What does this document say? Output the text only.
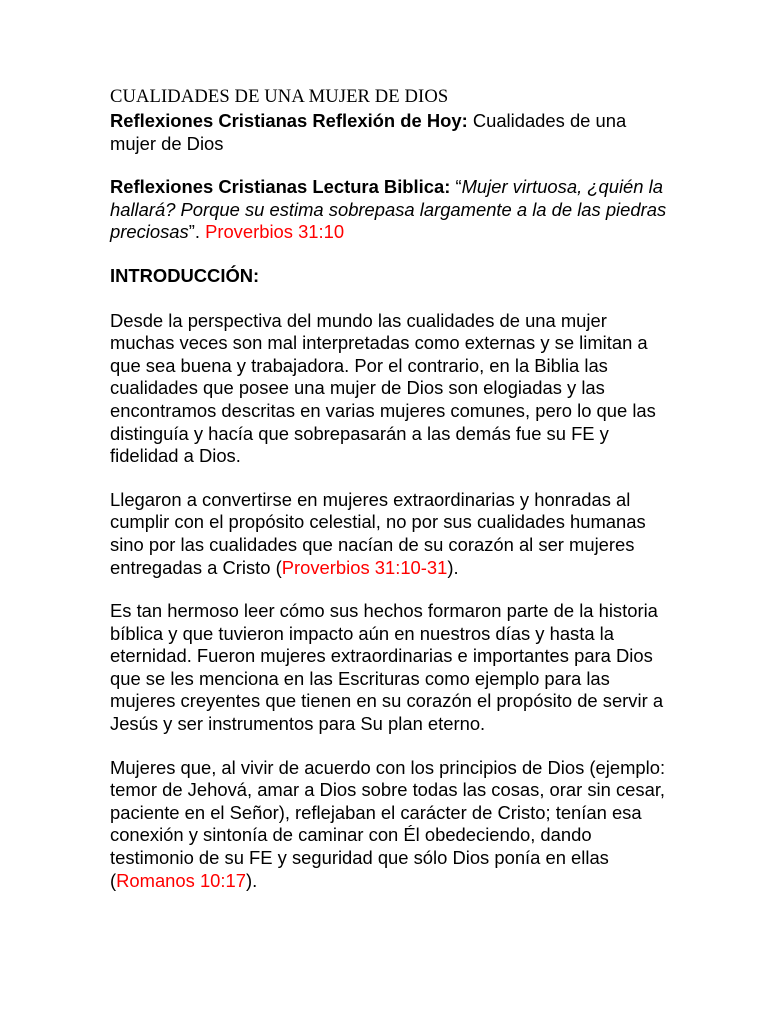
CUALIDADES DE UNA MUJER DE DIOS

Reflexiones Cristianas Reflexión de Hoy: Cualidades de una mujer de Dios

Reflexiones Cristianas Lectura Biblica: “Mujer virtuosa, ¿quién la hallará? Porque su estima sobrepasa largamente a la de las piedras preciosas”. Proverbios 31:10

INTRODUCCIÓN:

Desde la perspectiva del mundo las cualidades de una mujer muchas veces son mal interpretadas como externas y se limitan a que sea buena y trabajadora. Por el contrario, en la Biblia las cualidades que posee una mujer de Dios son elogiadas y las encontramos descritas en varias mujeres comunes, pero lo que las distinguía y hacía que sobrepasarán a las demás fue su FE y fidelidad a Dios.

Llegaron a convertirse en mujeres extraordinarias y honradas al cumplir con el propósito celestial, no por sus cualidades humanas sino por las cualidades que nacían de su corazón al ser mujeres entregadas a Cristo (Proverbios 31:10-31).

Es tan hermoso leer cómo sus hechos formaron parte de la historia bíblica y que tuvieron impacto aún en nuestros días y hasta la eternidad. Fueron mujeres extraordinarias e importantes para Dios que se les menciona en las Escrituras como ejemplo para las mujeres creyentes que tienen en su corazón el propósito de servir a Jesús y ser instrumentos para Su plan eterno.

Mujeres que, al vivir de acuerdo con los principios de Dios (ejemplo: temor de Jehová, amar a Dios sobre todas las cosas, orar sin cesar, paciente en el Señor), reflejaban el carácter de Cristo; tenían esa conexión y sintonía de caminar con Él obedeciendo, dando testimonio de su FE y seguridad que sólo Dios ponía en ellas (Romanos 10:17).
